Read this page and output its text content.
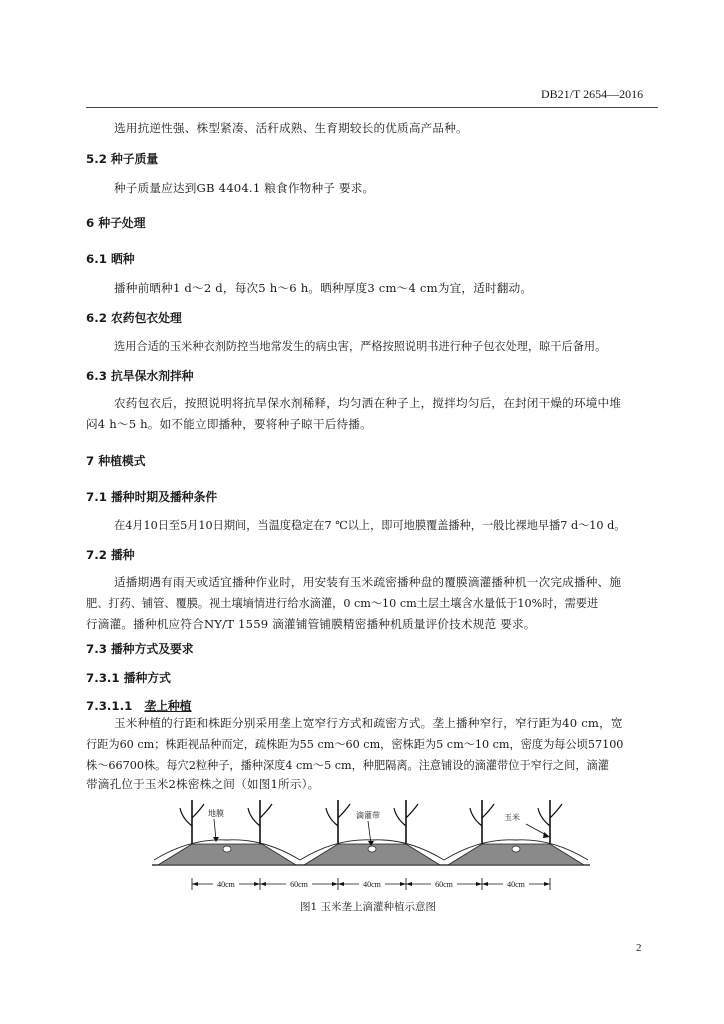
DB21/T 2654—2016
选用抗逆性强、株型紧凑、活秆成熟、生育期较长的优质高产品种。
5.2 种子质量
种子质量应达到GB 4404.1 粮食作物种子 要求。
6 种子处理
6.1 晒种
播种前晒种1 d～2 d，每次5 h～6 h。晒种厚度3 cm～4 cm为宜，适时翻动。
6.2 农药包衣处理
选用合适的玉米种衣剂防控当地常发生的病虫害，严格按照说明书进行种子包衣处理，晾干后备用。
6.3 抗旱保水剂拌种
农药包衣后，按照说明将抗旱保水剂稀释，均匀洒在种子上，搅拌均匀后，在封闭干燥的环境中堆
闷4 h～5 h。如不能立即播种，要将种子晾干后待播。
7 种植模式
7.1 播种时期及播种条件
在4月10日至5月10日期间，当温度稳定在7 ℃以上，即可地膜覆盖播种，一般比裸地早播7 d～10 d。
7.2 播种
适播期遇有雨天或适宜播种作业时，用安装有玉米疏密播种盘的覆膜滴灌播种机一次完成播种、施
肥、打药、铺管、覆膜。视土壤墒情进行给水滴灌，0 cm～10 cm土层土壤含水量低于10%时，需要进
行滴灌。播种机应符合NY/T 1559 滴灌铺管铺膜精密播种机质量评价技术规范 要求。
7.3 播种方式及要求
7.3.1 播种方式
7.3.1.1 垄上种植
玉米种植的行距和株距分别采用垄上宽窄行方式和疏密方式。垄上播种窄行，窄行距为40 cm，宽
行距为60 cm；株距视品种而定，疏株距为55 cm～60 cm，密株距为5 cm～10 cm，密度为每公顷57100
株～66700株。每穴2粒种子，播种深度4 cm～5 cm，种肥隔离。注意铺设的滴灌带位于窄行之间，滴灌
带滴孔位于玉米2株密株之间（如图1所示）。
地膜	滴灌带	玉米
40cm	60cm	40cm	60cm	40cm
图1 玉米垄上滴灌种植示意图
2
